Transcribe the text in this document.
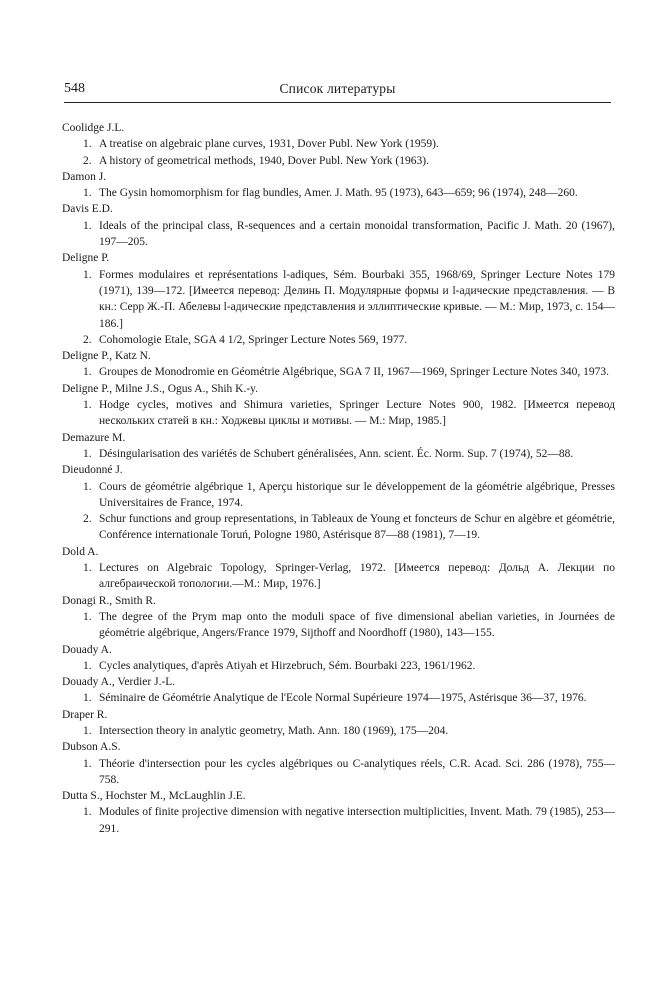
548	Список литературы
Coolidge J.L.
1. A treatise on algebraic plane curves, 1931, Dover Publ. New York (1959).
2. A history of geometrical methods, 1940, Dover Publ. New York (1963).
Damon J.
1. The Gysin homomorphism for flag bundles, Amer. J. Math. 95 (1973), 643—659; 96 (1974), 248—260.
Davis E.D.
1. Ideals of the principal class, R-sequences and a certain monoidal transformation, Pacific J. Math. 20 (1967), 197—205.
Deligne P.
1. Formes modulaires et représentations l-adiques, Sém. Bourbaki 355, 1968/69, Springer Lecture Notes 179 (1971), 139—172. [Имеется перевод: Делинь П. Модулярные формы и l-адические представления. — В кн.: Серр Ж.-П. Абелевы l-адические представления и эллиптические кривые. — М.: Мир, 1973, с. 154—186.]
2. Cohomologie Etale, SGA 4 1/2, Springer Lecture Notes 569, 1977.
Deligne P., Katz N.
1. Groupes de Monodromie en Géométrie Algébrique, SGA 7 II, 1967—1969, Springer Lecture Notes 340, 1973.
Deligne P., Milne J.S., Ogus A., Shih K.-y.
1. Hodge cycles, motives and Shimura varieties, Springer Lecture Notes 900, 1982. [Имеется перевод нескольких статей в кн.: Ходжевы циклы и мотивы. — М.: Мир, 1985.]
Demazure M.
1. Désingularisation des variétés de Schubert généralisées, Ann. scient. Éc. Norm. Sup. 7 (1974), 52—88.
Dieudonné J.
1. Cours de géométrie algébrique 1, Aperçu historique sur le développement de la géométrie algébrique, Presses Universitaires de France, 1974.
2. Schur functions and group representations, in Tableaux de Young et foncteurs de Schur en algèbre et géométrie, Conférence internationale Toruń, Pologne 1980, Astérisque 87—88 (1981), 7—19.
Dold A.
1. Lectures on Algebraic Topology, Springer-Verlag, 1972. [Имеется перевод: Дольд А. Лекции по алгебраической топологии.—М.: Мир, 1976.]
Donagi R., Smith R.
1. The degree of the Prym map onto the moduli space of five dimensional abelian varieties, in Journées de géométrie algébrique, Angers/France 1979, Sijthoff and Noordhoff (1980), 143—155.
Douady A.
1. Cycles analytiques, d'après Atiyah et Hirzebruch, Sém. Bourbaki 223, 1961/1962.
Douady A., Verdier J.-L.
1. Séminaire de Géométrie Analytique de l'Ecole Normal Supérieure 1974—1975, Astérisque 36—37, 1976.
Draper R.
1. Intersection theory in analytic geometry, Math. Ann. 180 (1969), 175—204.
Dubson A.S.
1. Théorie d'intersection pour les cycles algébriques ou C-analytiques réels, C.R. Acad. Sci. 286 (1978), 755—758.
Dutta S., Hochster M., McLaughlin J.E.
1. Modules of finite projective dimension with negative intersection multiplicities, Invent. Math. 79 (1985), 253—291.
